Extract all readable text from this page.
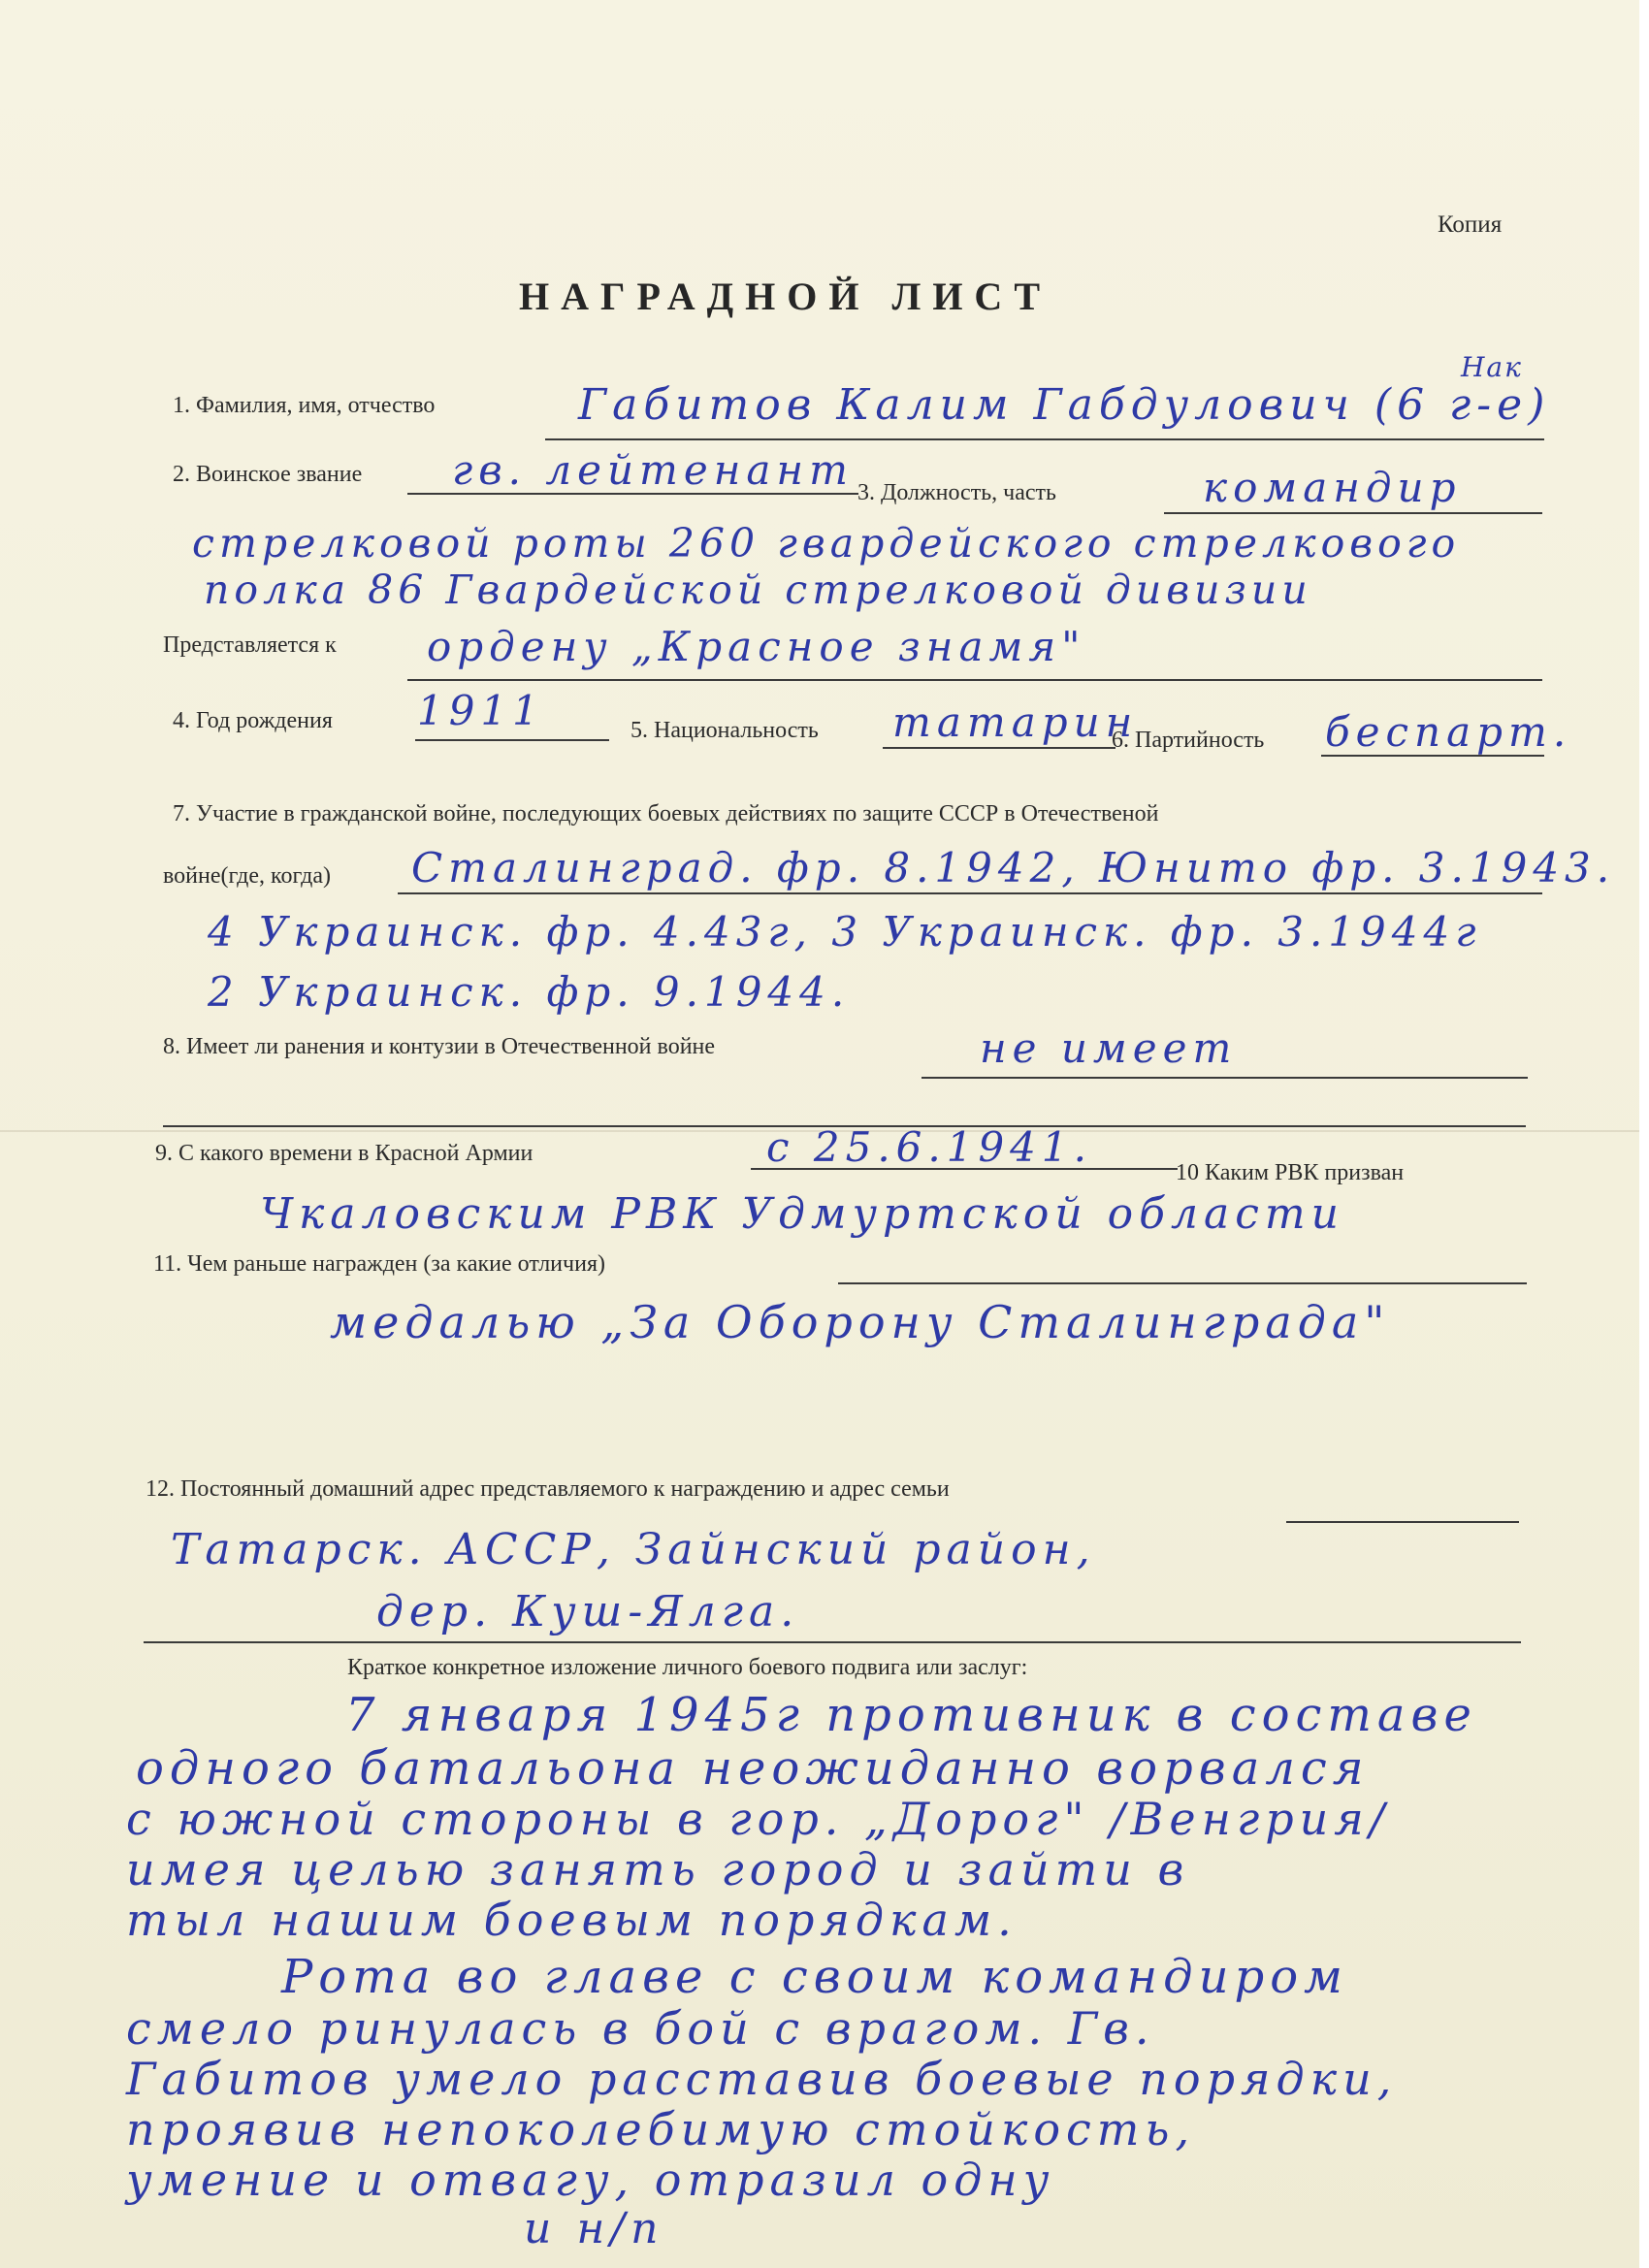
Копия
НАГРАДНОЙ ЛИСТ
1. Фамилия, имя, отчество	Габитов Калим Габдулович (6 г-е)
Нак
2. Воинское звание гв. лейтенант 3. Должность, часть	командир
стрелковой роты 260 гвардейского стрелкового
полка 86 Гвардейской стрелковой дивизии
Представляется к ордену „Красное знамя"
4. Год рождения 1911	5. Национальность татарин
6. Партийность беспарт.
7. Участие в гражданской войне, последующих боевых действиях по защите СССР в Отечественой
войне(где, когда) Сталинград. фр. 8.1942, Юнито фр. 3.1943.
4 Украинск. фр. 4.43г, 3 Украинск. фр. 3.1944г
2 Украинск. фр. 9.1944.
8. Имеет ли ранения и контузии в Отечественной войне	не имеет
9. С какого времени в Красной Армии	с 25.6.1941.
10 Каким РВК призван
Чкаловским РВК Удмуртской области
11. Чем раньше награжден (за какие отличия)
медалью „За Оборону Сталинграда"
12. Постоянный домашний адрес представляемого к награждению и адрес семьи
Татарск. АССР, Зайнский район,
дер. Куш-Ялга.
Краткое конкретное изложение личного боевого подвига или заслуг:
7 января 1945г противник в составе
одного батальона неожиданно ворвался
с южной стороны в гор. „Дорог" /Венгрия/
имея целью занять город и зайти в
тыл нашим боевым порядкам.
Рота во главе с своим командиром
смело ринулась в бой с врагом. Гв.
Габитов умело расставив боевые порядки,
проявив непоколебимую стойкость,
умение и отвагу, отразил одну
и н/п
